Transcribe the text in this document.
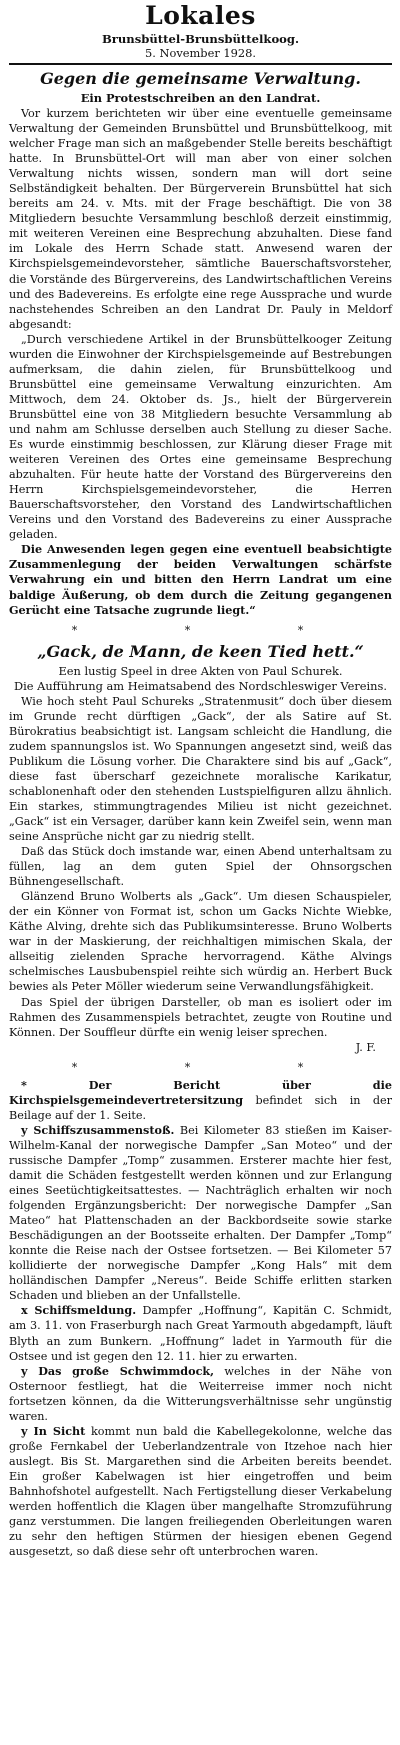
Lokales
Brunsbüttel-Brunsbüttelkoog.
5. November 1928.
Gegen die gemeinsame Verwaltung.
Ein Protestschreiben an den Landrat.

Vor kurzem berichteten wir über eine eventuelle gemeinsame Verwaltung der Gemeinden Brunsbüttel und Brunsbüttelkoog, mit welcher Frage man sich an maßgebender Stelle bereits beschäftigt hatte. In Brunsbüttel-Ort will man aber von einer solchen Verwaltung nichts wissen, sondern man will dort seine Selbständigkeit behalten. Der Bürgerverein Brunsbüttel hat sich bereits am 24. v. Mts. mit der Frage beschäftigt. Die von 38 Mitgliedern besuchte Versammlung beschloß derzeit einstimmig, mit weiteren Vereinen eine Besprechung abzuhalten. Diese fand im Lokale des Herrn Schade statt. Anwesend waren der Kirchspielsgemeindevorsteher, sämtliche Bauerschaftsvorsteher, die Vorstände des Bürgervereins, des Landwirtschaftlichen Vereins und des Badevereins. Es erfolgte eine rege Aussprache und wurde nachstehendes Schreiben an den Landrat Dr. Pauly in Meldorf abgesandt:

„Durch verschiedene Artikel in der Brunsbüttelkooger Zeitung wurden die Einwohner der Kirchspielsgemeinde auf Bestrebungen aufmerksam, die dahin zielen, für Brunsbüttelkoog und Brunsbüttel eine gemeinsame Verwaltung einzurichten. Am Mittwoch, dem 24. Oktober ds. Js., hielt der Bürgerverein Brunsbüttel eine von 38 Mitgliedern besuchte Versammlung ab und nahm am Schlusse derselben auch Stellung zu dieser Sache. Es wurde einstimmig beschlossen, zur Klärung dieser Frage mit weiteren Vereinen des Ortes eine gemeinsame Besprechung abzuhalten. Für heute hatte der Vorstand des Bürgervereins den Herrn Kirchspielsgemeindevorsteher, die Herren Bauerschaftsvorsteher, den Vorstand des Landwirtschaftlichen Vereins und den Vorstand des Badevereins zu einer Aussprache geladen.

Die Anwesenden legen gegen eine eventuell beabsichtigte Zusammenlegung der beiden Verwaltungen schärfste Verwahrung ein und bitten den Herrn Landrat um eine baldige Äußerung, ob dem durch die Zeitung gegangenen Gerücht eine Tatsache zugrunde liegt.“

* * *
„Gack, de Mann, de keen Tied hett.“
Een lustig Speel in dree Akten von Paul Schurek.
Die Aufführung am Heimatsabend des Nordschleswiger Vereins.

Wie hoch steht Paul Schureks „Stratenmusit“ doch über diesem im Grunde recht dürftigen „Gack“, der als Satire auf St. Bürokratius beabsichtigt ist. Langsam schleicht die Handlung, die zudem spannungslos ist. Wo Spannungen angesetzt sind, weiß das Publikum die Lösung vorher. Die Charaktere sind bis auf „Gack“, diese fast überscharf gezeichnete moralische Karikatur, schablonenhaft oder den stehenden Lustspielfiguren allzu ähnlich. Ein starkes, stimmungtragendes Milieu ist nicht gezeichnet. „Gack“ ist ein Versager, darüber kann kein Zweifel sein, wenn man seine Ansprüche nicht gar zu niedrig stellt.

Daß das Stück doch imstande war, einen Abend unterhaltsam zu füllen, lag an dem guten Spiel der Ohnsorgschen Bühnengesellschaft.

Glänzend Bruno Wolberts als „Gack“. Um diesen Schauspieler, der ein Könner von Format ist, schon um Gacks Nichte Wiebke, Käthe Alving, drehte sich das Publikumsinteresse. Bruno Wolberts war in der Maskierung, der reichhaltigen mimischen Skala, der allseitig zielenden Sprache hervorragend. Käthe Alvings schelmisches Lausbubenspiel reihte sich würdig an. Herbert Buck bewies als Peter Möller wiederum seine Verwandlungsfähigkeit.

Das Spiel der übrigen Darsteller, ob man es isoliert oder im Rahmen des Zusammenspiels betrachtet, zeugte von Routine und Können. Der Souffleur dürfte ein wenig leiser sprechen.

J. F.
* * *

* Der Bericht über die Kirchspielsgemeindevertretersitzung befindet sich in der Beilage auf der 1. Seite.

y Schiffszusammenstoß. Bei Kilometer 83 stießen im Kaiser-Wilhelm-Kanal der norwegische Dampfer „San Moteo“ und der russische Dampfer „Tomp“ zusammen. Ersterer machte hier fest, damit die Schäden festgestellt werden können und zur Erlangung eines Seetüchtigkeitsattestes. — Nachträglich erhalten wir noch folgenden Ergänzungsbericht: Der norwegische Dampfer „San Mateo“ hat Plattenschaden an der Backbordseite sowie starke Beschädigungen an der Bootsseite erhalten. Der Dampfer „Tomp“ konnte die Reise nach der Ostsee fortsetzen. — Bei Kilometer 57 kollidierte der norwegische Dampfer „Kong Hals“ mit dem holländischen Dampfer „Nereus“. Beide Schiffe erlitten starken Schaden und blieben an der Unfallstelle.

x Schiffsmeldung. Dampfer „Hoffnung“, Kapitän C. Schmidt, am 3. 11. von Fraserburgh nach Great Yarmouth abgedampft, läuft Blyth an zum Bunkern. „Hoffnung“ ladet in Yarmouth für die Ostsee und ist gegen den 12. 11. hier zu erwarten.

y Das große Schwimmdock, welches in der Nähe von Osternoor festliegt, hat die Weiterreise immer noch nicht fortsetzen können, da die Witterungsverhältnisse sehr ungünstig waren.

y In Sicht kommt nun bald die Kabellegekolonne, welche das große Fernkabel der Ueberlandzentrale von Itzehoe nach hier auslegt. Bis St. Margarethen sind die Arbeiten bereits beendet. Ein großer Kabelwagen ist hier eingetroffen und beim Bahnhofshotel aufgestellt. Nach Fertigstellung dieser Verkabelung werden hoffentlich die Klagen über mangelhafte Stromzuführung ganz verstummen. Die langen freiliegenden Oberleitungen waren zu sehr den heftigen Stürmen der hiesigen ebenen Gegend ausgesetzt, so daß diese sehr oft unterbrochen waren.
